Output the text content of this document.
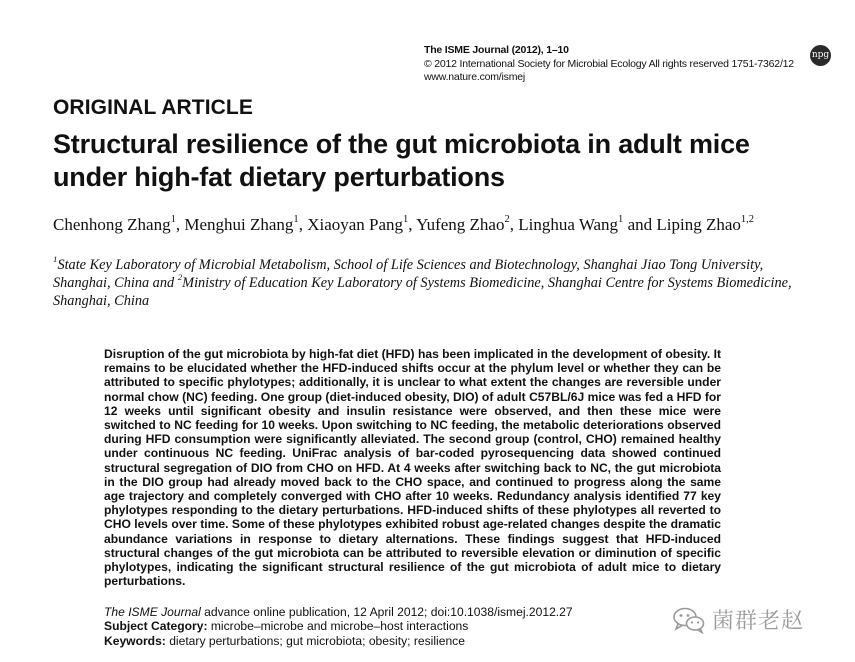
The ISME Journal (2012), 1–10
© 2012 International Society for Microbial Ecology All rights reserved 1751-7362/12
www.nature.com/ismej
npg
ORIGINAL ARTICLE
Structural resilience of the gut microbiota in adult mice under high-fat dietary perturbations
Chenhong Zhang$^1$, Menghui Zhang$^1$, Xiaoyan Pang$^1$, Yufeng Zhao$^2$, Linghua Wang$^1$ and Liping Zhao$^{1,2}$
$^1$State Key Laboratory of Microbial Metabolism, School of Life Sciences and Biotechnology, Shanghai Jiao Tong University, Shanghai, China and $^2$Ministry of Education Key Laboratory of Systems Biomedicine, Shanghai Centre for Systems Biomedicine, Shanghai, China

Disruption of the gut microbiota by high-fat diet (HFD) has been implicated in the development of obesity. It remains to be elucidated whether the HFD-induced shifts occur at the phylum level or whether they can be attributed to specific phylotypes; additionally, it is unclear to what extent the changes are reversible under normal chow (NC) feeding. One group (diet-induced obesity, DIO) of adult C57BL/6J mice was fed a HFD for 12 weeks until significant obesity and insulin resistance were observed, and then these mice were switched to NC feeding for 10 weeks. Upon switching to NC feeding, the metabolic deteriorations observed during HFD consumption were significantly alleviated. The second group (control, CHO) remained healthy under continuous NC feeding. UniFrac analysis of bar-coded pyrosequencing data showed continued structural segregation of DIO from CHO on HFD. At 4 weeks after switching back to NC, the gut microbiota in the DIO group had already moved back to the CHO space, and continued to progress along the same age trajectory and completely converged with CHO after 10 weeks. Redundancy analysis identified 77 key phylotypes responding to the dietary perturbations. HFD-induced shifts of these phylotypes all reverted to CHO levels over time. Some of these phylotypes exhibited robust age-related changes despite the dramatic abundance variations in response to dietary alternations. These findings suggest that HFD-induced structural changes of the gut microbiota can be attributed to reversible elevation or diminution of specific phylotypes, indicating the significant structural resilience of the gut microbiota of adult mice to dietary perturbations.

The ISME Journal advance online publication, 12 April 2012; doi:10.1038/ismej.2012.27
Subject Category: microbe–microbe and microbe–host interactions
Keywords: dietary perturbations; gut microbiota; obesity; resilience
菌群老赵
